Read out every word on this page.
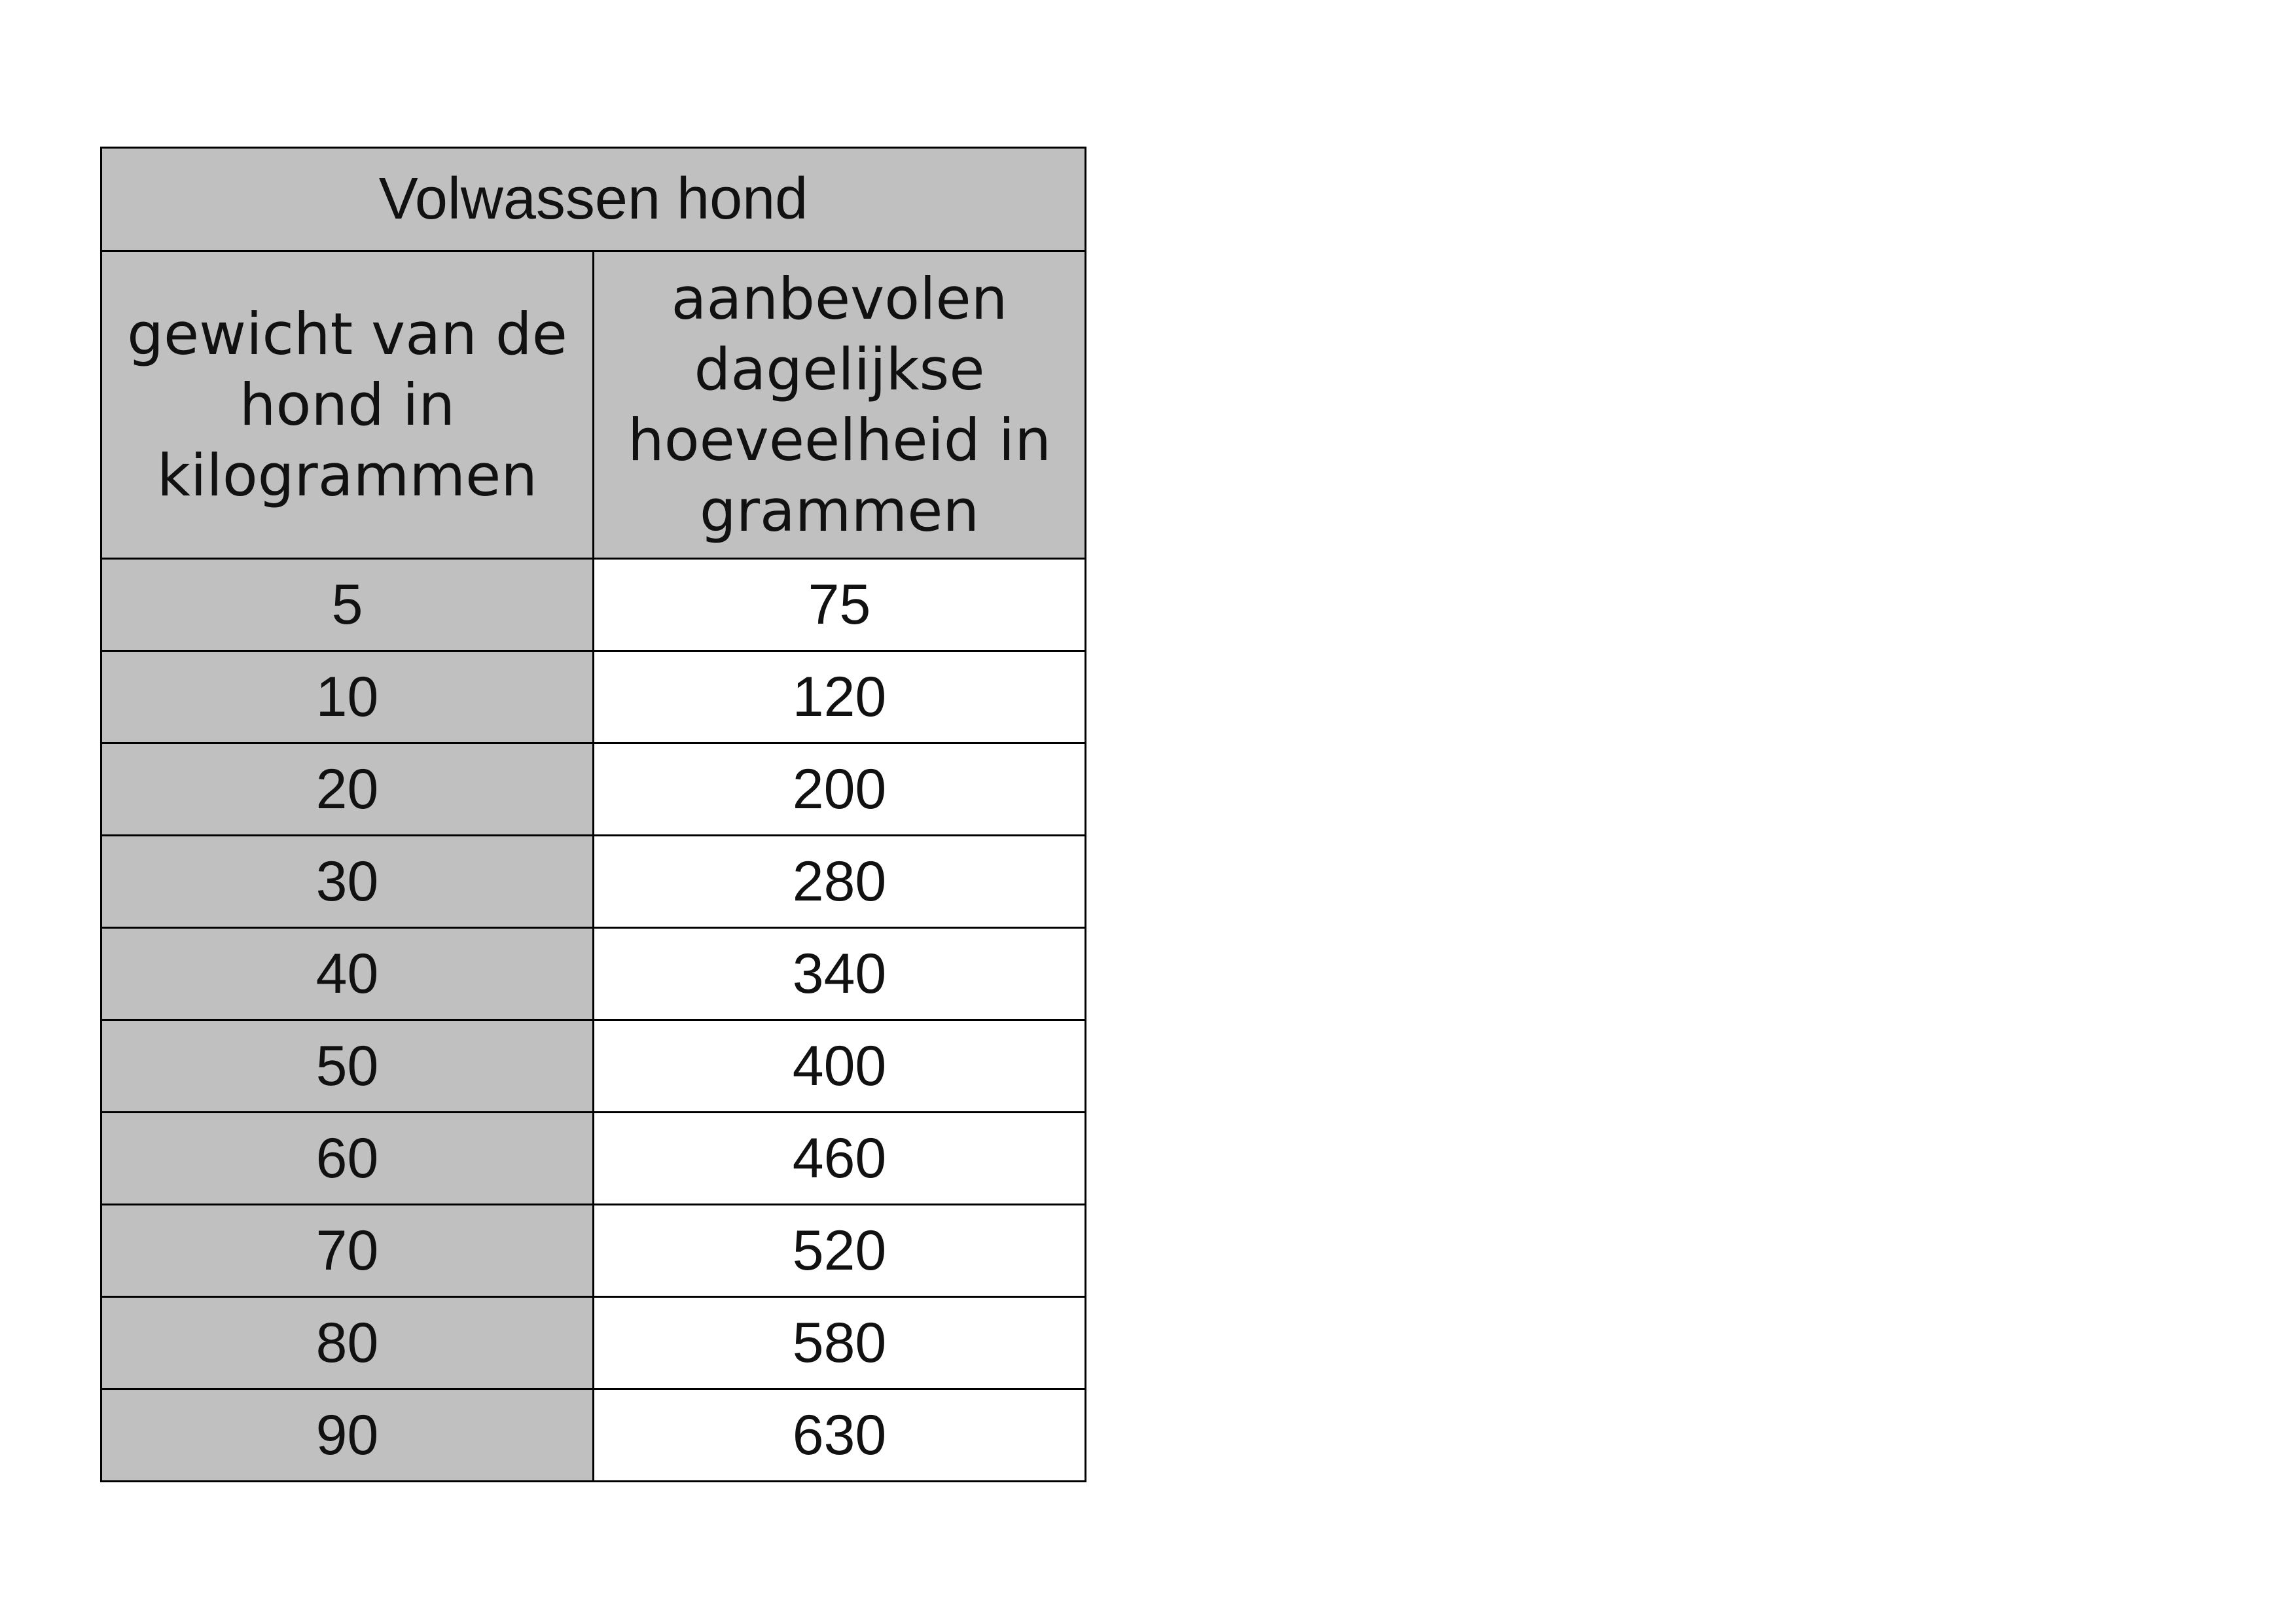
Volwassen hond	

gewicht van de hond in kilogrammen	aanbevolen dagelijkse hoeveelheid in grammen

5	75
10	120
20	200
30	280
40	340
50	400
60	460
70	520
80	580
90	630
